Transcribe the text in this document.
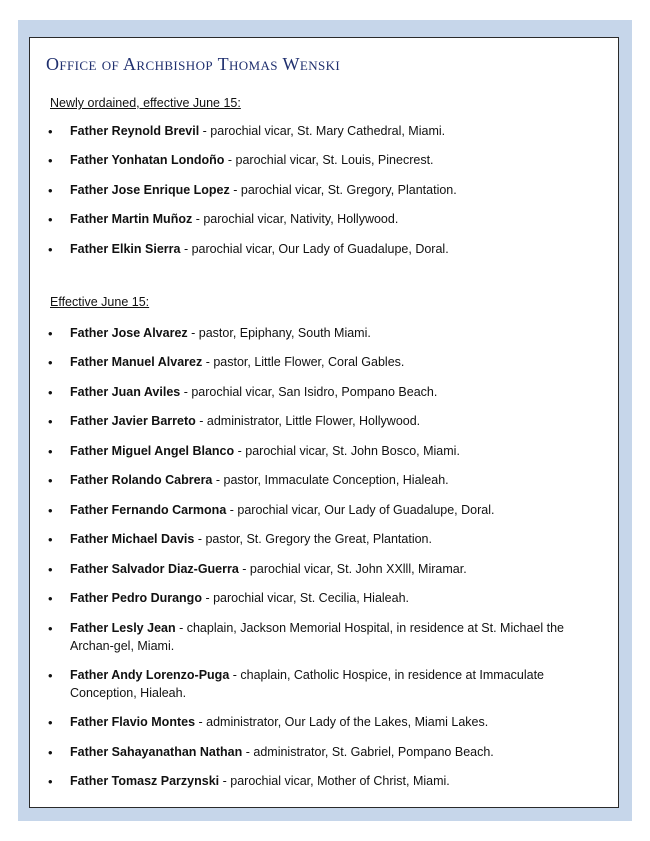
Office of Archbishop Thomas Wenski

Newly ordained, effective June 15:

• Father Reynold Brevil - parochial vicar, St. Mary Cathedral, Miami.
• Father Yonhatan Londoño - parochial vicar, St. Louis, Pinecrest.
• Father Jose Enrique Lopez - parochial vicar, St. Gregory, Plantation.
• Father Martin Muñoz - parochial vicar, Nativity, Hollywood.
• Father Elkin Sierra - parochial vicar, Our Lady of Guadalupe, Doral.

Effective June 15:

• Father Jose Alvarez - pastor, Epiphany, South Miami.
• Father Manuel Alvarez - pastor, Little Flower, Coral Gables.
• Father Juan Aviles - parochial vicar, San Isidro, Pompano Beach.
• Father Javier Barreto - administrator, Little Flower, Hollywood.
• Father Miguel Angel Blanco - parochial vicar, St. John Bosco, Miami.
• Father Rolando Cabrera - pastor, Immaculate Conception, Hialeah.
• Father Fernando Carmona - parochial vicar, Our Lady of Guadalupe, Doral.
• Father Michael Davis - pastor, St. Gregory the Great, Plantation.
• Father Salvador Diaz-Guerra - parochial vicar, St. John XXlll, Miramar.
• Father Pedro Durango - parochial vicar, St. Cecilia, Hialeah.
• Father Lesly Jean - chaplain, Jackson Memorial Hospital, in residence at St. Michael the Archan-gel, Miami.
• Father Andy Lorenzo-Puga - chaplain, Catholic Hospice, in residence at Immaculate Conception, Hialeah.
• Father Flavio Montes - administrator, Our Lady of the Lakes, Miami Lakes.
• Father Sahayanathan Nathan - administrator, St. Gabriel, Pompano Beach.
• Father Tomasz Parzynski - parochial vicar, Mother of Christ, Miami.
